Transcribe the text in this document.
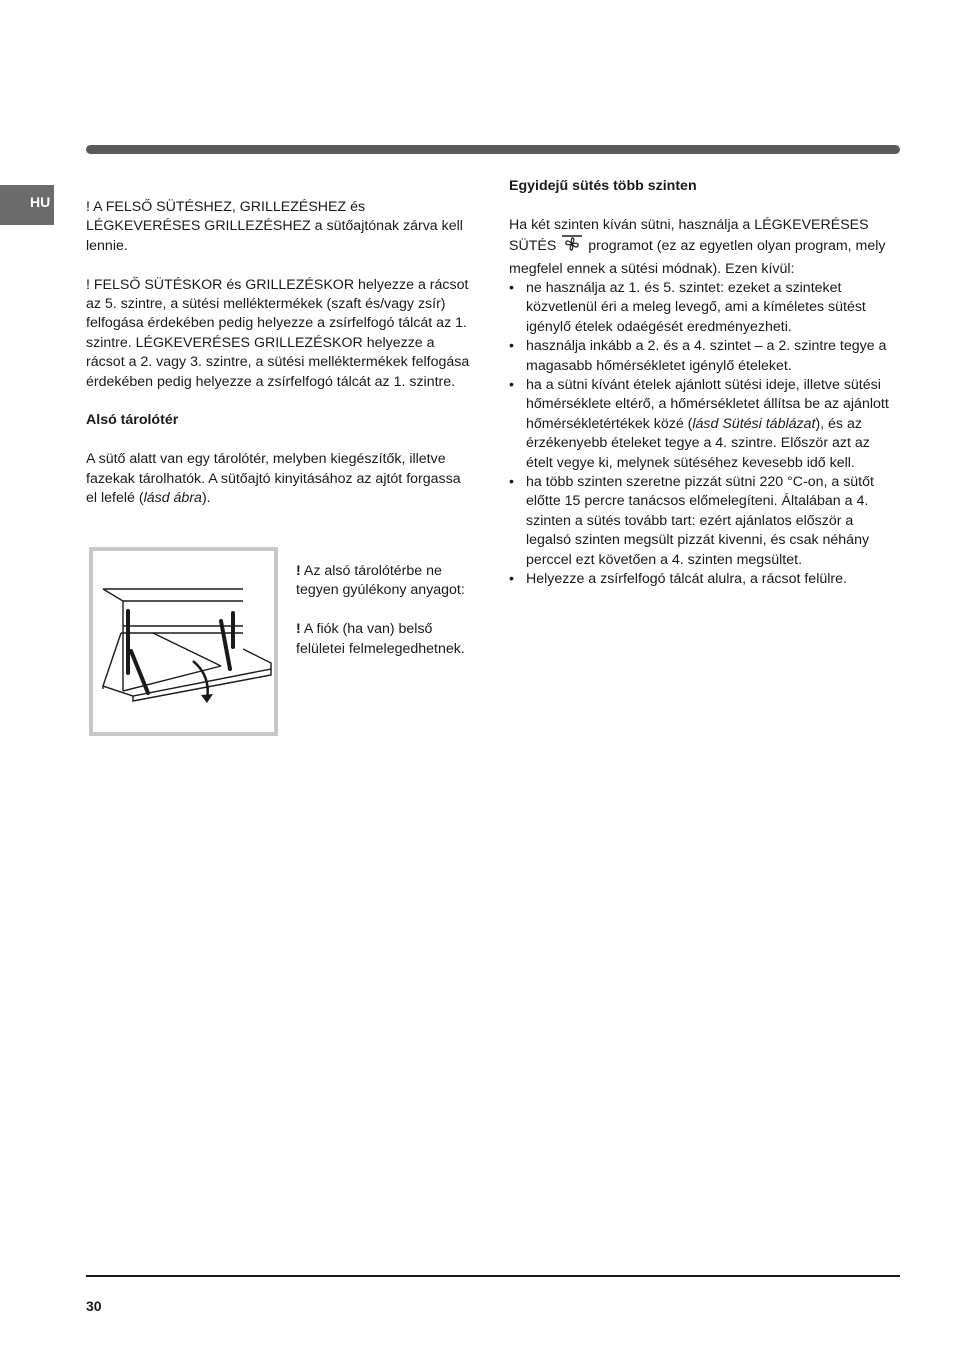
HU	! A FELSŐ SÜTÉSHEZ, GRILLEZÉSHEZ és LÉGKEVERÉSES GRILLEZÉSHEZ a sütőajtónak zárva kell lennie.

! FELSŐ SÜTÉSKOR és GRILLEZÉSKOR helyezze a rácsot az 5. szintre, a sütési melléktermékek (szaft és/vagy zsír) felfogása érdekében pedig helyezze a zsírfelfogó tálcát az 1. szintre. LÉGKEVERÉSES GRILLEZÉSKOR helyezze a rácsot a 2. vagy 3. szintre, a sütési melléktermékek felfogása érdekében pedig helyezze a zsírfelfogó tálcát az 1. szintre.

Alsó tárolótér

A sütő alatt van egy tárolótér, melyben kiegészítők, illetve fazekak tárolhatók. A sütőajtó kinyitásához az ajtót forgassa el lefelé (lásd ábra).

! Az alsó tárolótérbe ne tegyen gyúlékony anyagot:

! A fiók (ha van) belső felületei felmelegedhetnek.

Egyidejű sütés több szinten

Ha két szinten kíván sütni, használja a LÉGKEVERÉSES SÜTÉS  programot (ez az egyetlen olyan program, mely megfelel ennek a sütési módnak). Ezen kívül:

• ne használja az 1. és 5. szintet: ezeket a szinteket közvetlenül éri a meleg levegő, ami a kíméletes sütést igénylő ételek odaégését eredményezheti.
• használja inkább a 2. és a 4. szintet – a 2. szintre tegye a magasabb hőmérsékletet igénylő ételeket.
• ha a sütni kívánt ételek ajánlott sütési ideje, illetve sütési hőmérséklete eltérő, a hőmérsékletet állítsa be az ajánlott hőmérsékletértékek közé (lásd Sütési táblázat), és az érzékenyebb ételeket tegye a 4. szintre. Először azt az ételt vegye ki, melynek sütéséhez kevesebb idő kell.
• ha több szinten szeretne pizzát sütni 220 °C-on, a sütőt előtte 15 percre tanácsos előmelegíteni. Általában a 4. szinten a sütés tovább tart: ezért ajánlatos először a legalsó szinten megsült pizzát kivenni, és csak néhány perccel ezt követően a 4. szinten megsültet.
• Helyezze a zsírfelfogó tálcát alulra, a rácsot felülre.
30
